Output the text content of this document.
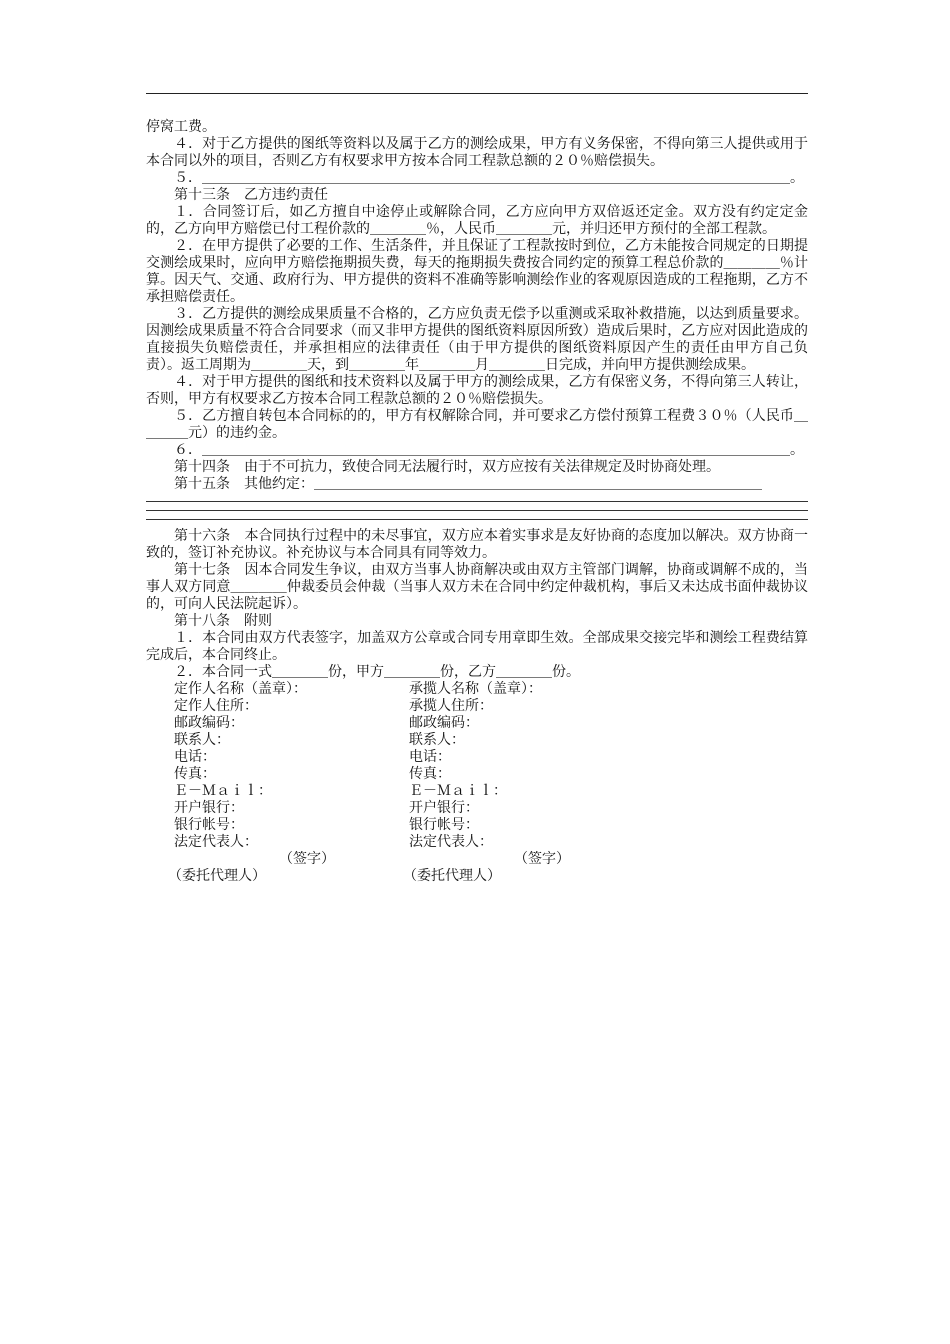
停窝工费。

４．对于乙方提供的图纸等资料以及属于乙方的测绘成果，甲方有义务保密，不得向第三人提供或用于本合同以外的项目，否则乙方有权要求甲方按本合同工程款总额的２０％赔偿损失。

５．＿＿＿＿＿＿＿＿＿＿＿＿＿＿＿＿＿＿＿＿＿＿＿＿＿＿＿＿＿＿＿＿＿＿＿＿＿＿＿＿＿＿。

第十三条　乙方违约责任

１．合同签订后，如乙方擅自中途停止或解除合同，乙方应向甲方双倍返还定金。双方没有约定定金的，乙方向甲方赔偿已付工程价款的＿＿＿＿％，人民币＿＿＿＿元，并归还甲方预付的全部工程款。

２．在甲方提供了必要的工作、生活条件，并且保证了工程款按时到位，乙方未能按合同规定的日期提交测绘成果时，应向甲方赔偿拖期损失费，每天的拖期损失费按合同约定的预算工程总价款的＿＿＿＿％计算。因天气、交通、政府行为、甲方提供的资料不准确等影响测绘作业的客观原因造成的工程拖期，乙方不承担赔偿责任。

３．乙方提供的测绘成果质量不合格的，乙方应负责无偿予以重测或采取补救措施，以达到质量要求。因测绘成果质量不符合合同要求（而又非甲方提供的图纸资料原因所致）造成后果时，乙方应对因此造成的直接损失负赔偿责任，并承担相应的法律责任（由于甲方提供的图纸资料原因产生的责任由甲方自己负责）。返工周期为＿＿＿＿天，到＿＿＿＿年＿＿＿＿月＿＿＿＿日完成，并向甲方提供测绘成果。

４．对于甲方提供的图纸和技术资料以及属于甲方的测绘成果，乙方有保密义务，不得向第三人转让，否则，甲方有权要求乙方按本合同工程款总额的２０％赔偿损失。

５．乙方擅自转包本合同标的的，甲方有权解除合同，并可要求乙方偿付预算工程费３０％（人民币＿＿＿＿元）的违约金。

６．＿＿＿＿＿＿＿＿＿＿＿＿＿＿＿＿＿＿＿＿＿＿＿＿＿＿＿＿＿＿＿＿＿＿＿＿＿＿＿＿＿＿。

第十四条　由于不可抗力，致使合同无法履行时，双方应按有关法律规定及时协商处理。

第十五条　其他约定：＿＿＿＿＿＿＿＿＿＿＿＿＿＿＿＿＿＿＿＿＿＿＿＿＿＿＿＿＿＿＿＿

第十六条　本合同执行过程中的未尽事宜，双方应本着实事求是友好协商的态度加以解决。双方协商一致的，签订补充协议。补充协议与本合同具有同等效力。

第十七条　因本合同发生争议，由双方当事人协商解决或由双方主管部门调解，协商或调解不成的，当事人双方同意＿＿＿＿仲裁委员会仲裁（当事人双方未在合同中约定仲裁机构，事后又未达成书面仲裁协议的，可向人民法院起诉）。

第十八条　附则

１．本合同由双方代表签字，加盖双方公章或合同专用章即生效。全部成果交接完毕和测绘工程费结算完成后，本合同终止。

２．本合同一式＿＿＿＿份，甲方＿＿＿＿份，乙方＿＿＿＿份。

定作人名称（盖章）：	承揽人名称（盖章）：
定作人住所：	承揽人住所：
邮政编码：	邮政编码：
联系人：	联系人：
电话：	电话：
传真：	传真：
Ｅ－Ｍａｉｌ：	Ｅ－Ｍａｉｌ：
开户银行：	开户银行：
银行帐号：	银行帐号：
法定代表人：	法定代表人：
（签字）	（签字）
（委托代理人）	（委托代理人）
